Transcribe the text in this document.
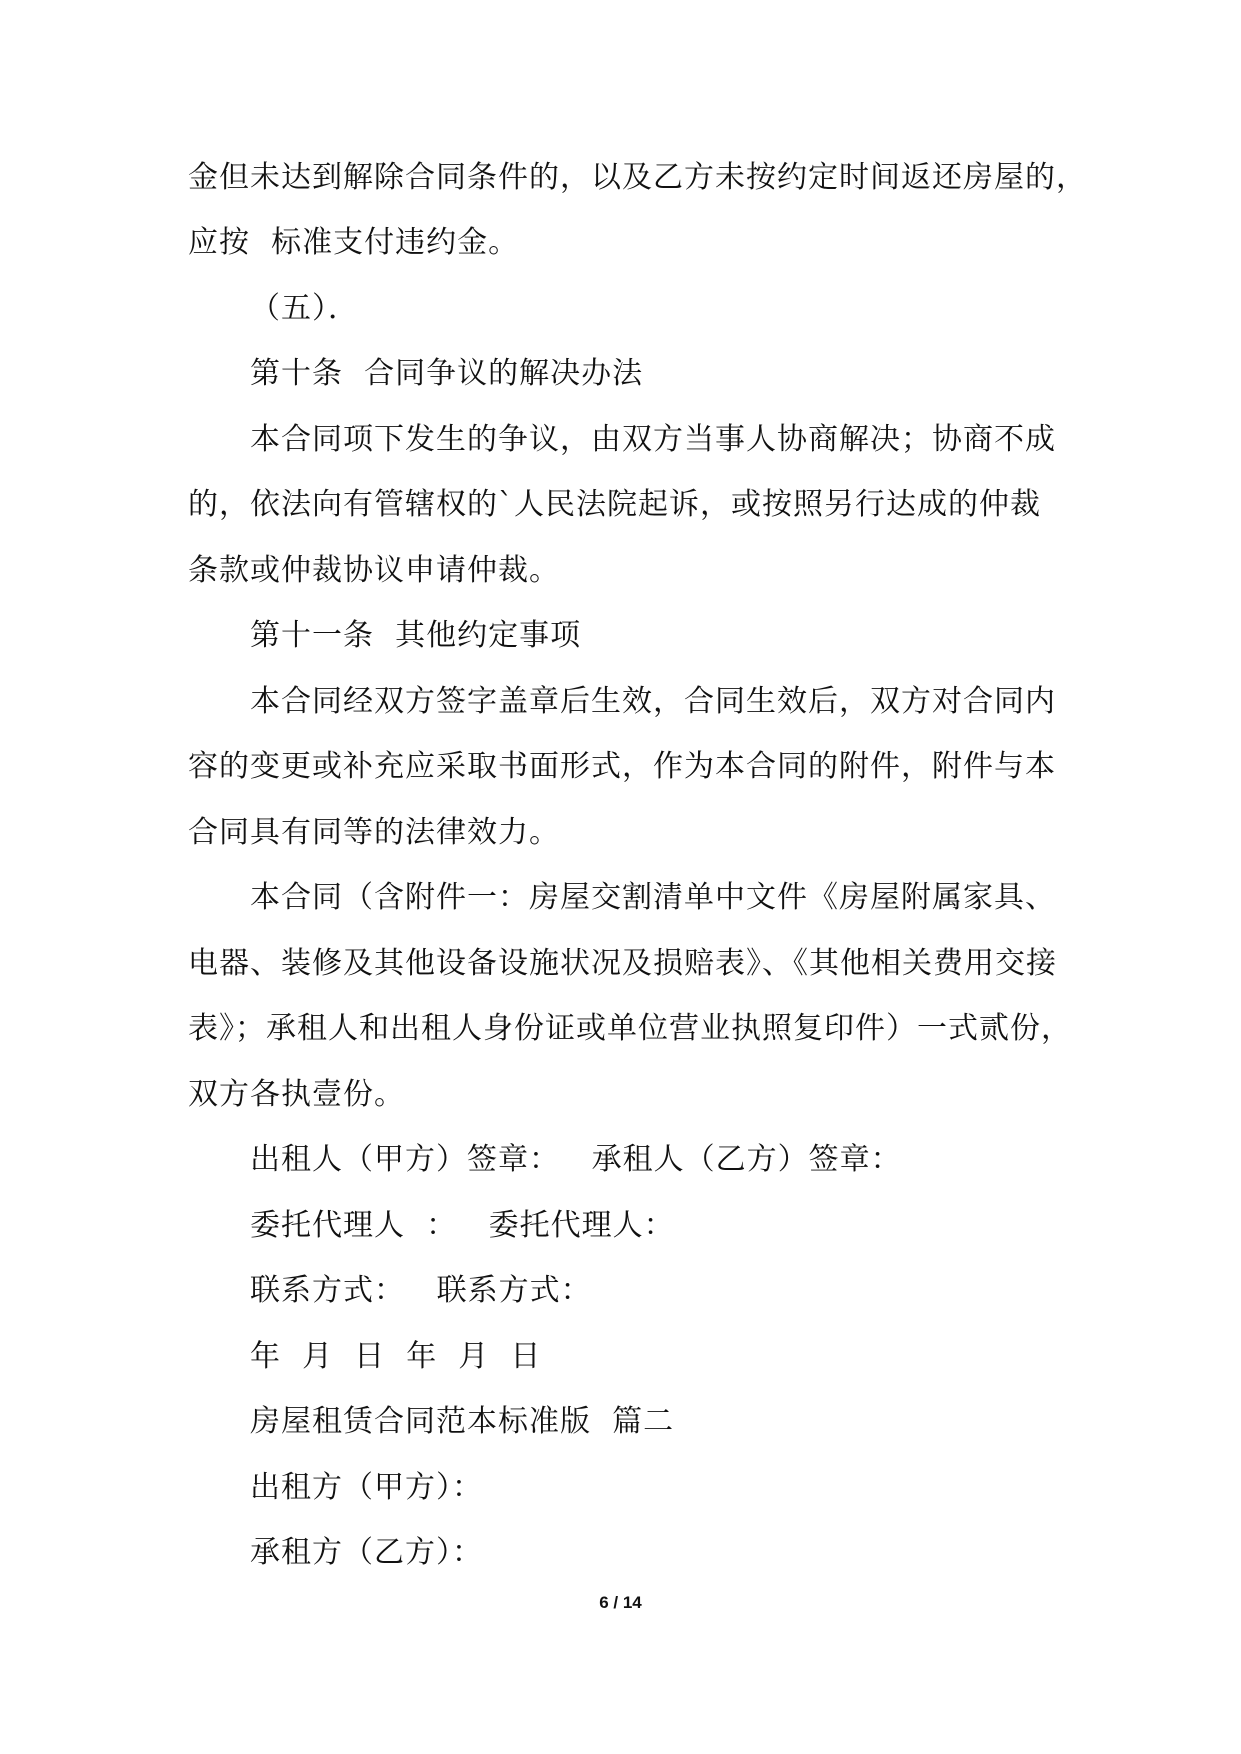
金但未达到解除合同条件的，以及乙方未按约定时间返还房屋的，
应按  标准支付违约金。
（五）．
第十条  合同争议的解决办法
本合同项下发生的争议，由双方当事人协商解决；协商不成
的，依法向有管辖权的`人民法院起诉，或按照另行达成的仲裁
条款或仲裁协议申请仲裁。
第十一条  其他约定事项
本合同经双方签字盖章后生效，合同生效后，双方对合同内
容的变更或补充应采取书面形式，作为本合同的附件，附件与本
合同具有同等的法律效力。
本合同（含附件一：房屋交割清单中文件《房屋附属家具、
电器、装修及其他设备设施状况及损赔表》、《其他相关费用交接
表》；承租人和出租人身份证或单位营业执照复印件）一式贰份，
双方各执壹份。
出租人（甲方）签章：   承租人（乙方）签章：
委托代理人  ：   委托代理人：
联系方式：   联系方式：
年  月  日  年  月  日
房屋租赁合同范本标准版  篇二
出租方（甲方）：
承租方（乙方）：
6 / 14
